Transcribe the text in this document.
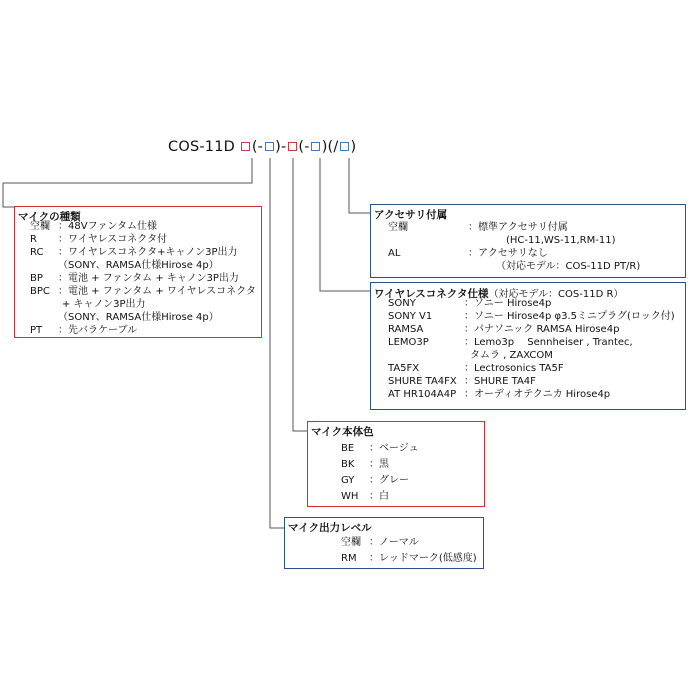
COS-11D (- )- (- )(/ )
マイクの種類
空欄 ：48Vファンタム仕様
R ：ワイヤレスコネクタ付
RC ：ワイヤレスコネクタ+キャノン3P出力
（SONY、RAMSA仕様Hirose 4p）
BP ：電池 + ファンタム + キャノン3P出力
BPC ：電池 + ファンタム + ワイヤレスコネクタ
+ キャノン3P出力
（SONY、RAMSA仕様Hirose 4p）
PT ：先バラケーブル
アクセサリ付属
空欄	：標準アクセサリ付属
(HC-11,WS-11,RM-11)
AL	：アクセサリなし
（対応モデル：COS-11D PT/R)
ワイヤレスコネクタ仕様（対応モデル：COS-11D R）
SONY	：ソニー Hirose4p
SONY V1	：ソニー Hirose4p φ3.5ミニプラグ(ロック付)
RAMSA	：パナソニック RAMSA Hirose4p
LEMO3P	：Lemo3p　 Sennheiser , Trantec,
タムラ , ZAXCOM
TA5FX	：Lectrosonics TA5F
SHURE TA4FX ：SHURE TA4F
AT HR104A4P ：オーディオテクニカ Hirose4p
マイク本体色
BE ：ベージュ
BK ：黒
GY ：グレー
WH ：白
マイク出力レベル
空欄 ：ノーマル
RM ：レッドマーク(低感度)
